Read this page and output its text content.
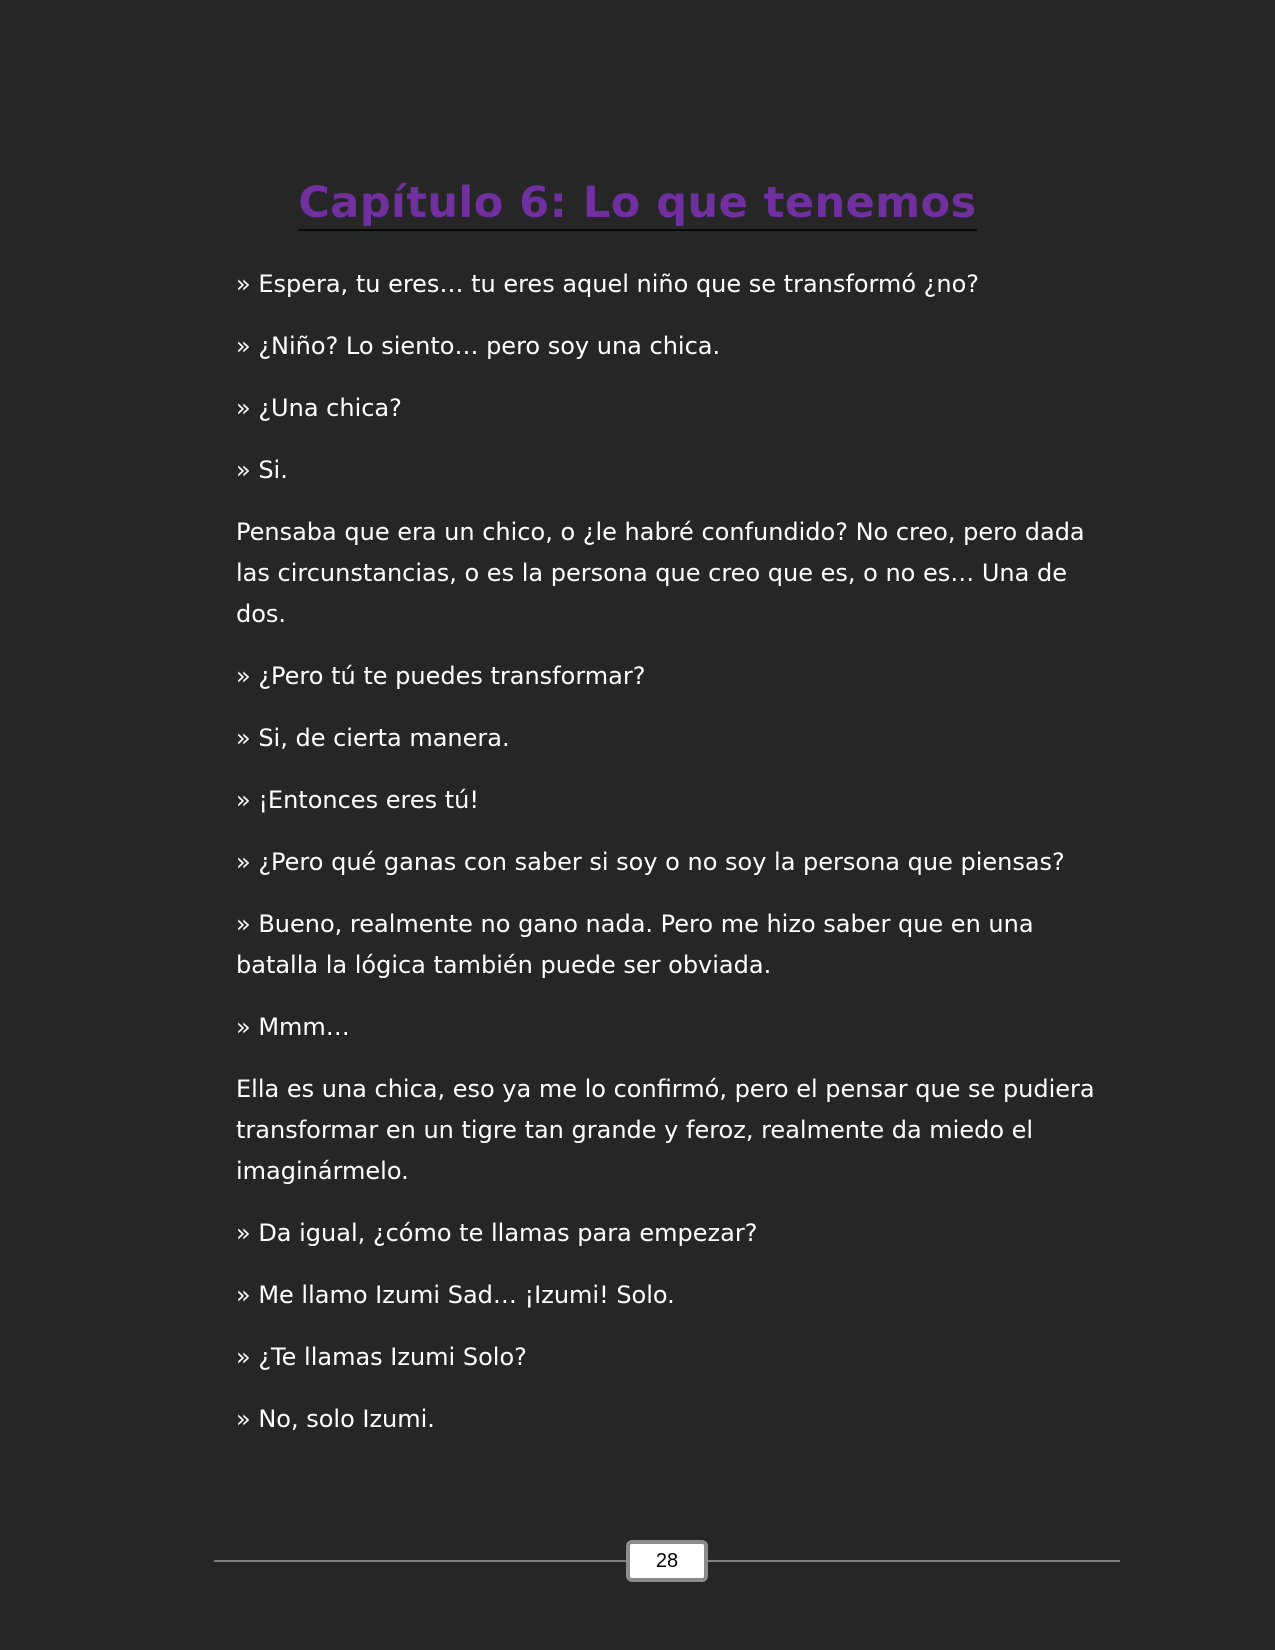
Capítulo 6: Lo que tenemos

» Espera, tu eres… tu eres aquel niño que se transformó ¿no?

» ¿Niño? Lo siento… pero soy una chica.

» ¿Una chica?

» Si.

Pensaba que era un chico, o ¿le habré confundido? No creo, pero dada las circunstancias, o es la persona que creo que es, o no es… Una de dos.

» ¿Pero tú te puedes transformar?

» Si, de cierta manera.

» ¡Entonces eres tú!

» ¿Pero qué ganas con saber si soy o no soy la persona que piensas?

» Bueno, realmente no gano nada. Pero me hizo saber que en una batalla la lógica también puede ser obviada.

» Mmm…

Ella es una chica, eso ya me lo confirmó, pero el pensar que se pudiera transformar en un tigre tan grande y feroz, realmente da miedo el imaginármelo.

» Da igual, ¿cómo te llamas para empezar?

» Me llamo Izumi Sad… ¡Izumi! Solo.

» ¿Te llamas Izumi Solo?

» No, solo Izumi.

28
